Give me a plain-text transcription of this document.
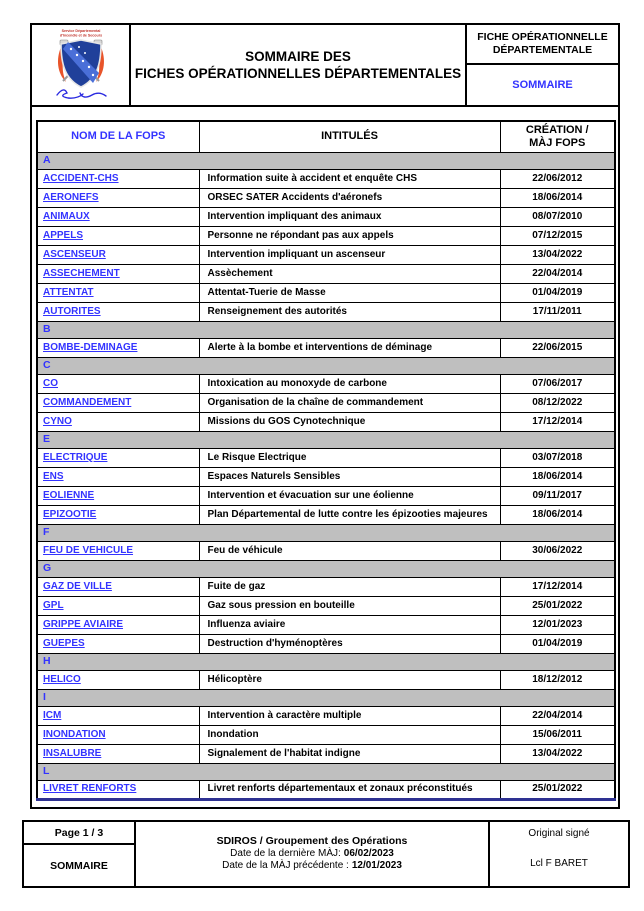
Service Départemental
d'Incendie et de Secours
SOMMAIRE DES
FICHES OPÉRATIONNELLES DÉPARTEMENTALES
FICHE OPÉRATIONNELLE
DÉPARTEMENTALE
SOMMAIRE
NOM DE LA FOPS	INTITULÉS	CRÉATION /
MÀJ FOPS

A		
ACCIDENT-CHS	Information suite à accident et enquête CHS	22/06/2012
AERONEFS	ORSEC SATER Accidents d'aéronefs	18/06/2014
ANIMAUX	Intervention impliquant des animaux	08/07/2010
APPELS	Personne ne répondant pas aux appels	07/12/2015
ASCENSEUR	Intervention impliquant un ascenseur	13/04/2022
ASSECHEMENT	Assèchement	22/04/2014
ATTENTAT	Attentat-Tuerie de Masse	01/04/2019
AUTORITES	Renseignement des autorités	17/11/2011
B		
BOMBE-DEMINAGE	Alerte à la bombe et interventions de déminage	22/06/2015
C		
CO	Intoxication au monoxyde de carbone	07/06/2017
COMMANDEMENT	Organisation de la chaîne de commandement	08/12/2022
CYNO	Missions du GOS Cynotechnique	17/12/2014
E		
ELECTRIQUE	Le Risque Electrique	03/07/2018
ENS	Espaces Naturels Sensibles	18/06/2014
EOLIENNE	Intervention et évacuation sur une éolienne	09/11/2017
EPIZOOTIE	Plan Départemental de lutte contre les épizooties majeures	18/06/2014
F		
FEU DE VEHICULE	Feu de véhicule	30/06/2022
G		
GAZ DE VILLE	Fuite de gaz	17/12/2014
GPL	Gaz sous pression en bouteille	25/01/2022
GRIPPE AVIAIRE	Influenza aviaire	12/01/2023
GUEPES	Destruction d'hyménoptères	01/04/2019
H		
HELICO	Hélicoptère	18/12/2012
I		
ICM	Intervention à caractère multiple	22/04/2014
INONDATION	Inondation	15/06/2011
INSALUBRE	Signalement de l'habitat indigne	13/04/2022
L		
LIVRET RENFORTS	Livret renforts départementaux et zonaux préconstitués	25/01/2022
Page 1 / 3
SOMMAIRE
SDIROS / Groupement des Opérations
Date de la dernière MÀJ: 06/02/2023
Date de la MÀJ précédente : 12/01/2023
Original signé
Lcl F BARET
